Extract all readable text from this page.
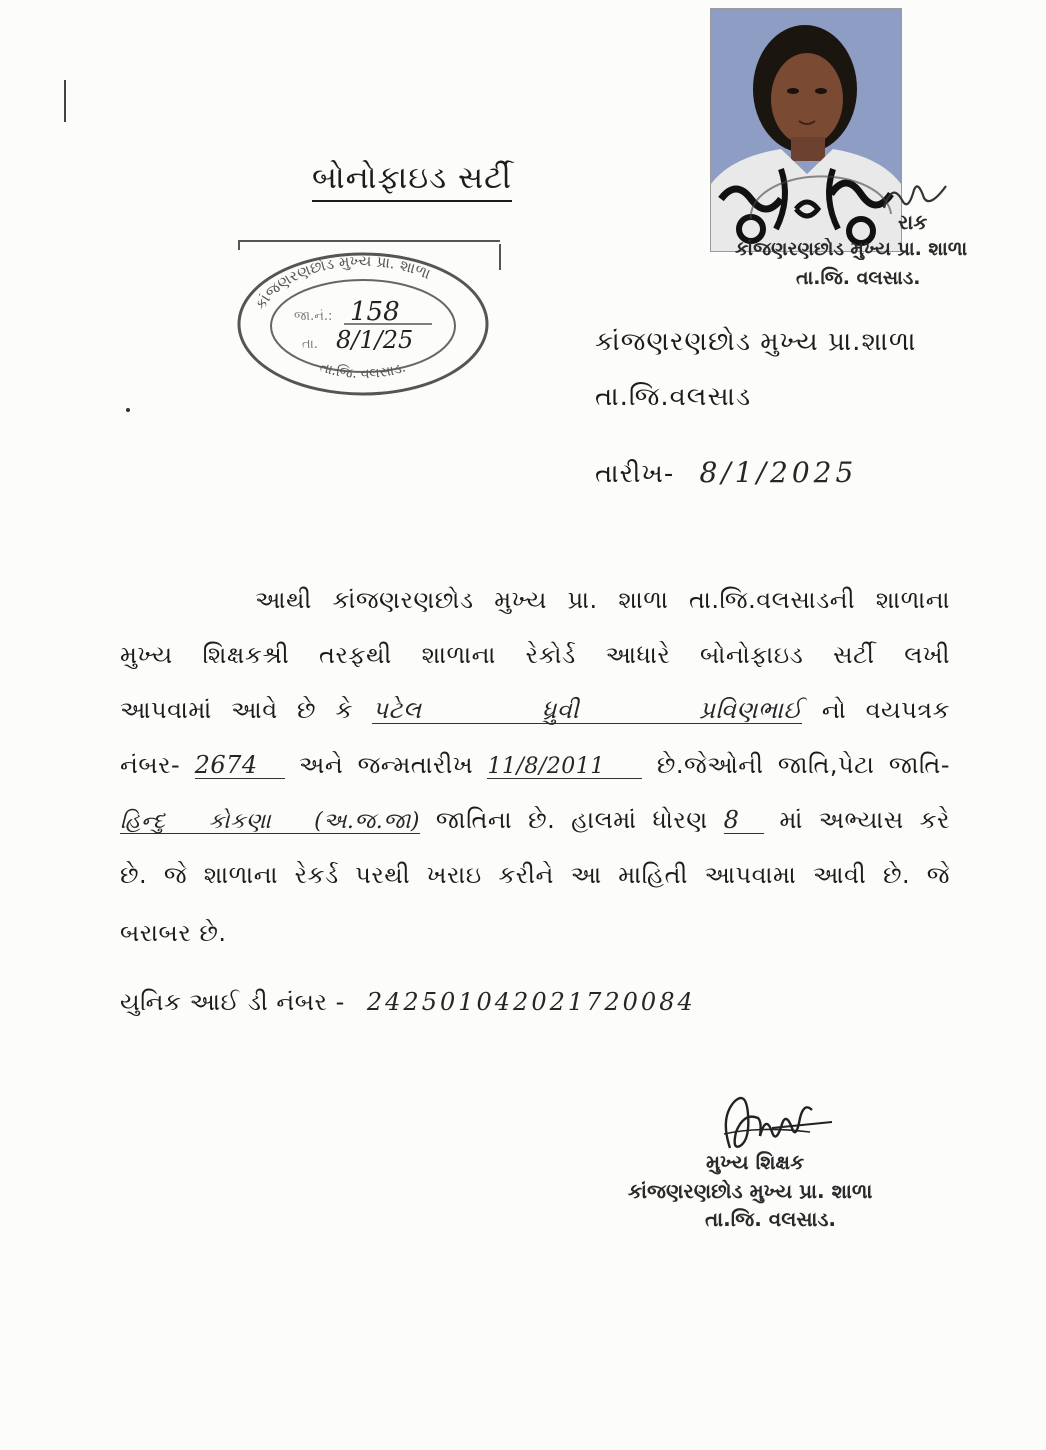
બોનોફાઇડ સર્ટી
રાક
કાંજણરણછોડ મુખ્ય પ્રા. શાળા
તા.જિ. વલસાડ.
કાંજણરણછોડ મુખ્ય પ્રા. શાળા
તા.જિ. વલસાડ.
જા.નં.: 158
તા. 8/1/25	કાંજણરણછોડ મુખ્ય પ્રા.શાળા
તા.જિ.વલસાડ
તારીખ- 8/1/2025
આથી કાંજણરણછોડ મુખ્ય પ્રા. શાળા તા.જિ.વલસાડની શાળાના
મુખ્ય શિક્ષકશ્રી તરફથી શાળાના રેકોર્ડ આધારે બોનોફાઇડ સર્ટી લખી
આપવામાં આવે છે કે પટેલ ધ્રુવી પ્રવિણભાઈ નો વયપત્રક
નંબર- 2674 અને જન્મતારીખ 11/8/2011 છે.જેઓની જાતિ,પેટા જાતિ-
હિન્દુ કોકણા (અ.જ.જા) જાતિના છે. હાલમાં ધોરણ 8 માં અભ્યાસ કરે
છે. જે શાળાના રેકર્ડ પરથી ખરાઇ કરીને આ માહિતી આપવામા આવી છે. જે
બરાબર છે.
યુનિક આઈ ડી નંબર - 242501042021720084
મુખ્ય શિક્ષક
કાંજણરણછોડ મુખ્ય પ્રા. શાળા
તા.જિ. વલસાડ.
